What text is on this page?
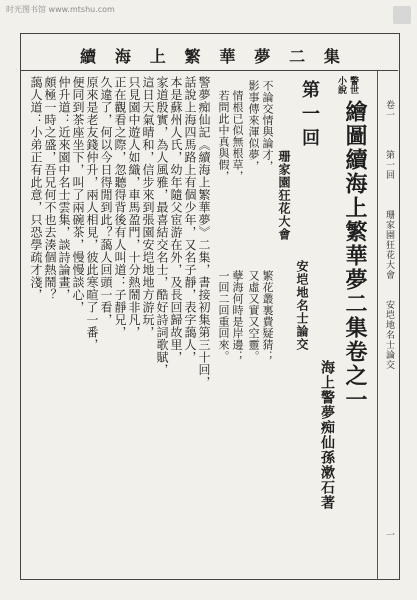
时光图书馆 www.mtshu.com
續 海 上 繁 華 夢 二 集
卷一
第一回
珊家園狂花大會
安垲地名士論交
一
警世
小說
繪圖續海上繁華夢二集卷之一
海上警夢痴仙孫漱石著
第一回
珊家園狂花大會
安垲地名士論交
不論交情與論才，
繁花叢裏費疑猜；
影事傳來渾似夢，
又虛又實又空靈。
情根已似無根草，
孽海何時是岸邊；
若問此中真與假，
一回二回重回來。
警夢痴仙記《續海上繁華夢》二集，書接初集第三十回，
話說上海四馬路上有個少年，又名子靜，表字藹人，
本是蘇州人氏，幼年隨父宦游在外，及長回歸故里，
家道殷實，為人風雅，最喜結交名士，酷好詩詞歌賦，
這日天氣晴和，信步來到張園安垲地地方游玩，
只見園中遊人如織，車馬盈門，十分熱鬧非凡，
正在觀看之際，忽聽得背後有人叫道：子靜兄，
久違了，何以今日得閒到此？藹人回頭一看，
原來是老友錢仲升，兩人相見，彼此寒暄了一番，
便同到茶座坐下，叫了兩碗茶，慢慢談心，
仲升道：近來園中名士雲集，談詩論畫，
頗極一時之盛，吾兄何不也去湊個熱鬧？
藹人道：小弟正有此意，只恐學疏才淺，
